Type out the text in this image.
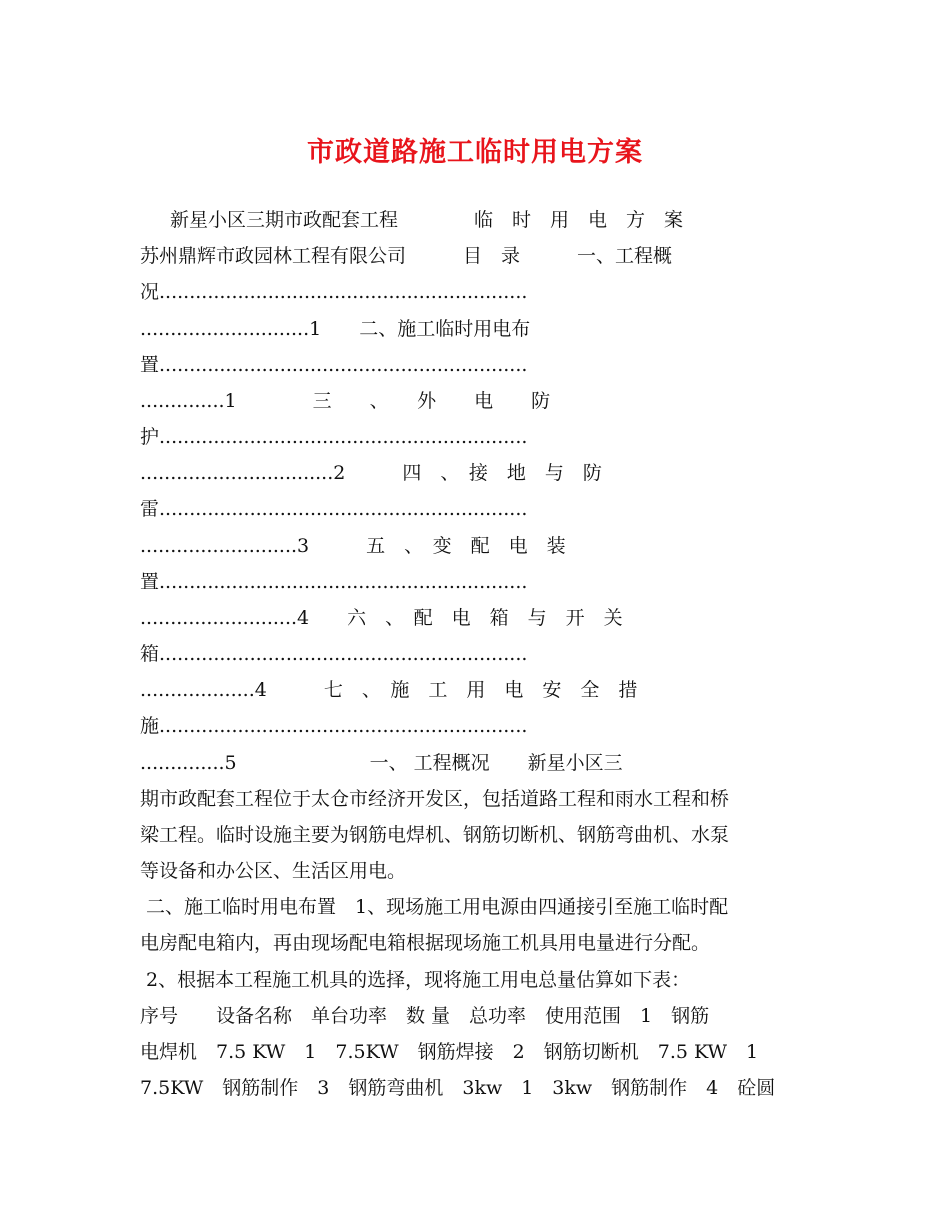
市政道路施工临时用电方案
新星小区三期市政配套工程　　　　临　时　用　电　方　案
苏州鼎辉市政园林工程有限公司　　　目　录　　　一、工程概
况.............................................................
............................1　　二、施工临时用电布
置.............................................................
..............1　　　　三　　、　　外　　电　　防
护.............................................................
................................2　　　四　、　接　地　与　防
雷.............................................................
..........................3　　　五　、　变　配　电　装
置.............................................................
..........................4　　六　、　配　电　箱　与　开　关
箱.............................................................
...................4　　　七　、　施　工　用　电　安　全　措
施.............................................................
..............5　　　　　　　一、 工程概况　　新星小区三
期市政配套工程位于太仓市经济开发区，包括道路工程和雨水工程和桥
梁工程。临时设施主要为钢筋电焊机、钢筋切断机、钢筋弯曲机、水泵
等设备和办公区、生活区用电。
二、施工临时用电布置　1、现场施工用电源由四通接引至施工临时配
电房配电箱内，再由现场配电箱根据现场施工机具用电量进行分配。
2、根据本工程施工机具的选择，现将施工用电总量估算如下表：
序号　　设备名称　单台功率　数 量　总功率　使用范围　1　钢筋
电焊机　7.5 KW　1　7.5KW　钢筋焊接　2　钢筋切断机　7.5 KW　1
7.5KW　钢筋制作　3　钢筋弯曲机　3kw　1　3kw　钢筋制作　4　砼圆
